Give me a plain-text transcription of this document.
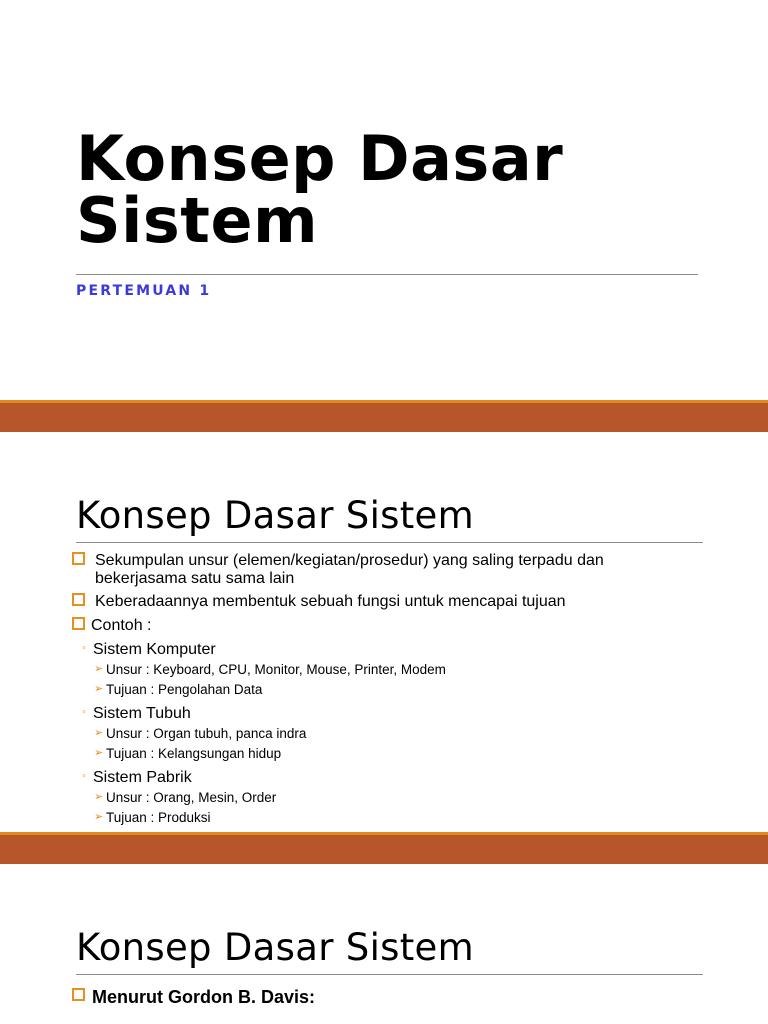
Konsep Dasar
Sistem
PERTEMUAN 1
Konsep Dasar Sistem
Sekumpulan unsur (elemen/kegiatan/prosedur) yang saling terpadu dan
bekerjasama satu sama lain
Keberadaannya membentuk sebuah fungsi untuk mencapai tujuan
Contoh :
◦ Sistem Komputer
➢ Unsur : Keyboard, CPU, Monitor, Mouse, Printer, Modem
➢ Tujuan : Pengolahan Data
◦ Sistem Tubuh
➢ Unsur : Organ tubuh, panca indra
➢ Tujuan : Kelangsungan hidup
◦ Sistem Pabrik
➢ Unsur : Orang, Mesin, Order
➢ Tujuan : Produksi
Konsep Dasar Sistem
Menurut Gordon B. Davis:
